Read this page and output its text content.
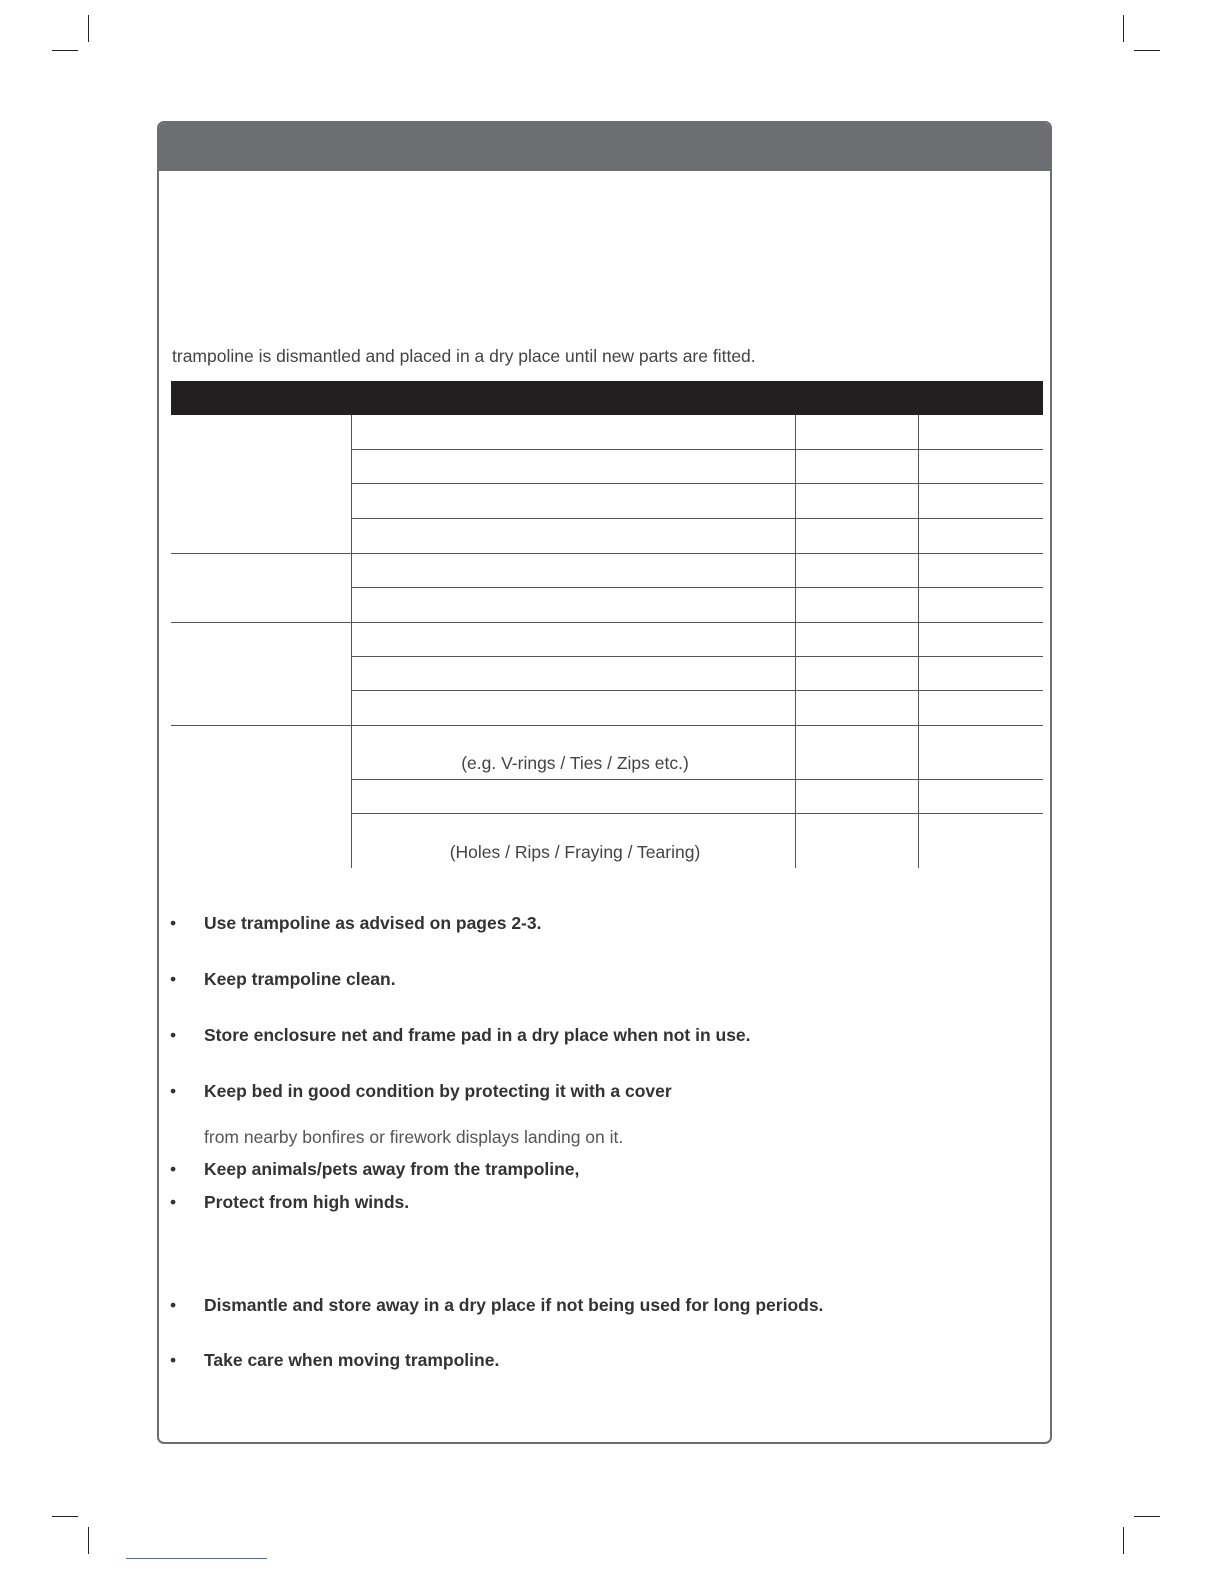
trampoline is dismantled and placed in a dry place until new parts are fitted.

(e.g. V-rings / Ties / Zips etc.)
(Holes / Rips / Fraying / Tearing)
• Use trampoline as advised on pages 2-3.
• Keep trampoline clean.
• Store enclosure net and frame pad in a dry place when not in use.
• Keep bed in good condition by protecting it with a cover
from nearby bonfires or firework displays landing on it.
• Keep animals/pets away from the trampoline,
• Protect from high winds.
• Dismantle and store away in a dry place if not being used for long periods.
• Take care when moving trampoline.
